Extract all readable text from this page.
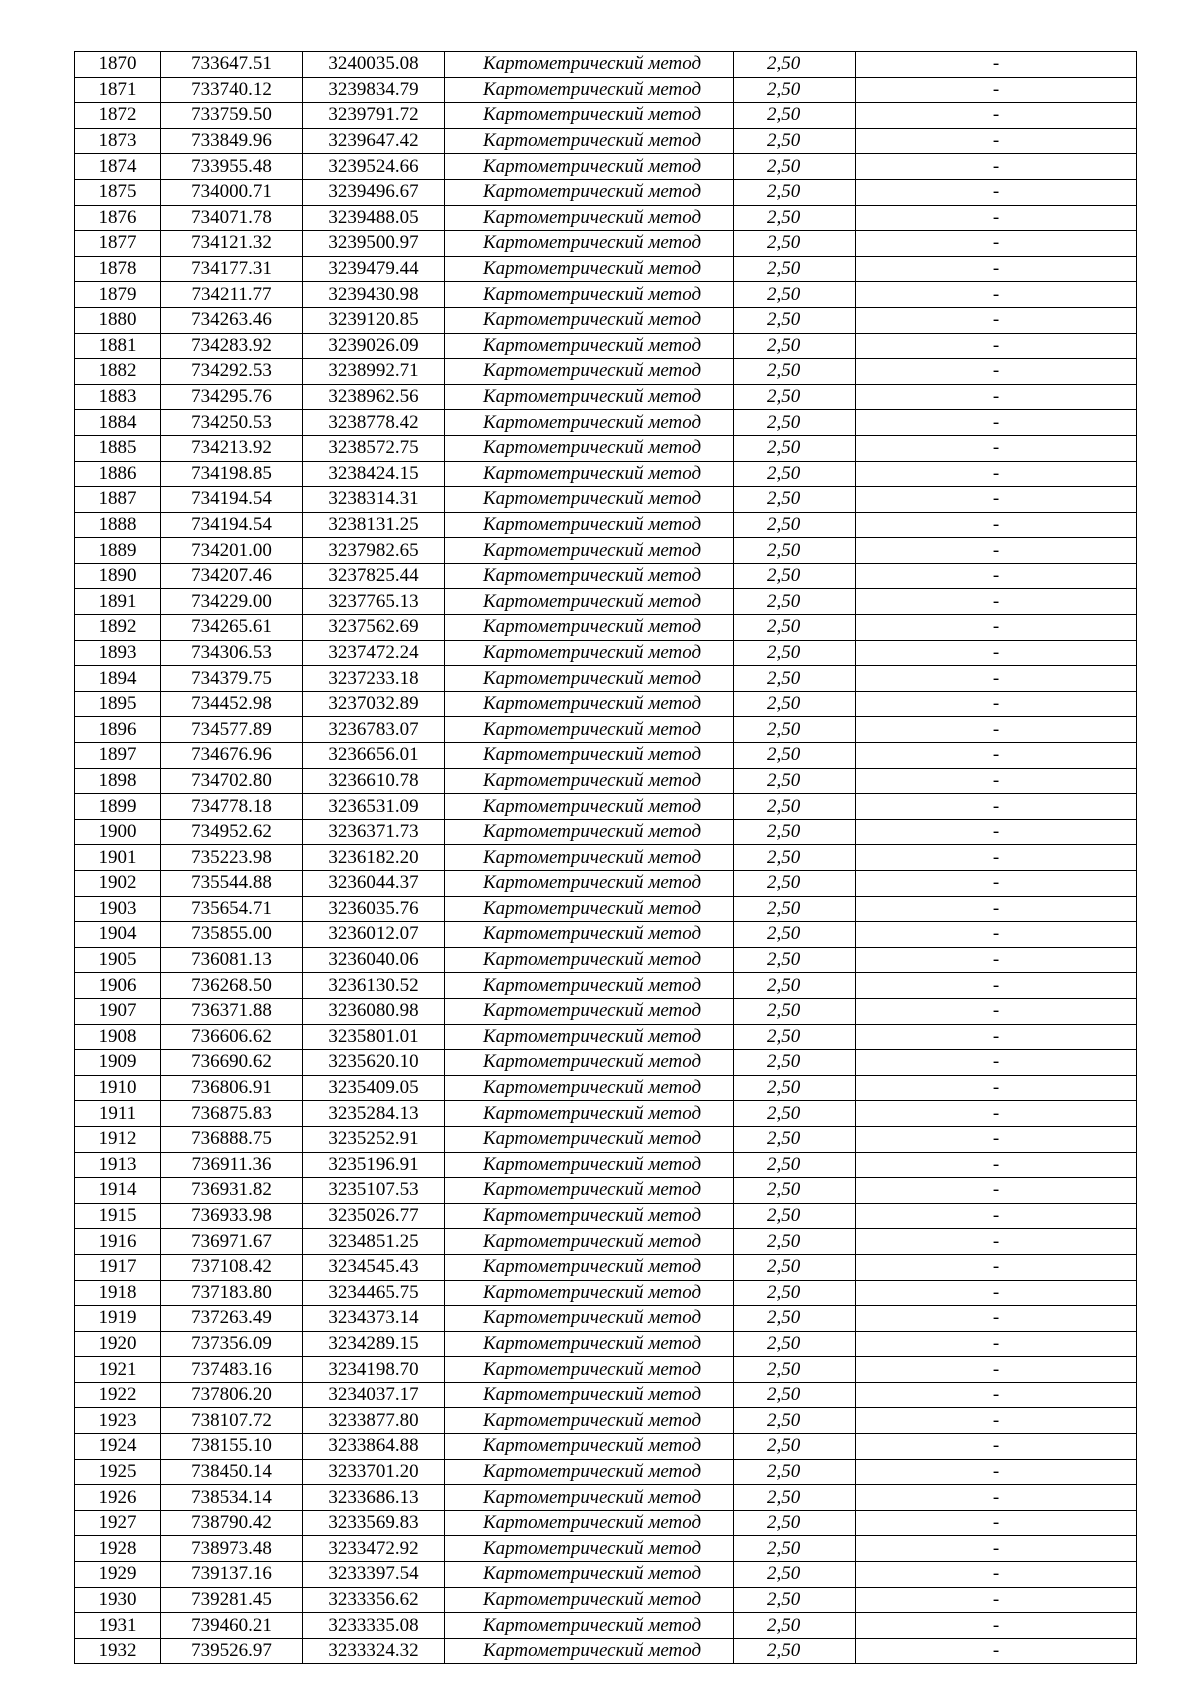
1870	733647.51	3240035.08	Картометрический метод	2,50	-
1871	733740.12	3239834.79	Картометрический метод	2,50	-
1872	733759.50	3239791.72	Картометрический метод	2,50	-
1873	733849.96	3239647.42	Картометрический метод	2,50	-
1874	733955.48	3239524.66	Картометрический метод	2,50	-
1875	734000.71	3239496.67	Картометрический метод	2,50	-
1876	734071.78	3239488.05	Картометрический метод	2,50	-
1877	734121.32	3239500.97	Картометрический метод	2,50	-
1878	734177.31	3239479.44	Картометрический метод	2,50	-
1879	734211.77	3239430.98	Картометрический метод	2,50	-
1880	734263.46	3239120.85	Картометрический метод	2,50	-
1881	734283.92	3239026.09	Картометрический метод	2,50	-
1882	734292.53	3238992.71	Картометрический метод	2,50	-
1883	734295.76	3238962.56	Картометрический метод	2,50	-
1884	734250.53	3238778.42	Картометрический метод	2,50	-
1885	734213.92	3238572.75	Картометрический метод	2,50	-
1886	734198.85	3238424.15	Картометрический метод	2,50	-
1887	734194.54	3238314.31	Картометрический метод	2,50	-
1888	734194.54	3238131.25	Картометрический метод	2,50	-
1889	734201.00	3237982.65	Картометрический метод	2,50	-
1890	734207.46	3237825.44	Картометрический метод	2,50	-
1891	734229.00	3237765.13	Картометрический метод	2,50	-
1892	734265.61	3237562.69	Картометрический метод	2,50	-
1893	734306.53	3237472.24	Картометрический метод	2,50	-
1894	734379.75	3237233.18	Картометрический метод	2,50	-
1895	734452.98	3237032.89	Картометрический метод	2,50	-
1896	734577.89	3236783.07	Картометрический метод	2,50	-
1897	734676.96	3236656.01	Картометрический метод	2,50	-
1898	734702.80	3236610.78	Картометрический метод	2,50	-
1899	734778.18	3236531.09	Картометрический метод	2,50	-
1900	734952.62	3236371.73	Картометрический метод	2,50	-
1901	735223.98	3236182.20	Картометрический метод	2,50	-
1902	735544.88	3236044.37	Картометрический метод	2,50	-
1903	735654.71	3236035.76	Картометрический метод	2,50	-
1904	735855.00	3236012.07	Картометрический метод	2,50	-
1905	736081.13	3236040.06	Картометрический метод	2,50	-
1906	736268.50	3236130.52	Картометрический метод	2,50	-
1907	736371.88	3236080.98	Картометрический метод	2,50	-
1908	736606.62	3235801.01	Картометрический метод	2,50	-
1909	736690.62	3235620.10	Картометрический метод	2,50	-
1910	736806.91	3235409.05	Картометрический метод	2,50	-
1911	736875.83	3235284.13	Картометрический метод	2,50	-
1912	736888.75	3235252.91	Картометрический метод	2,50	-
1913	736911.36	3235196.91	Картометрический метод	2,50	-
1914	736931.82	3235107.53	Картометрический метод	2,50	-
1915	736933.98	3235026.77	Картометрический метод	2,50	-
1916	736971.67	3234851.25	Картометрический метод	2,50	-
1917	737108.42	3234545.43	Картометрический метод	2,50	-
1918	737183.80	3234465.75	Картометрический метод	2,50	-
1919	737263.49	3234373.14	Картометрический метод	2,50	-
1920	737356.09	3234289.15	Картометрический метод	2,50	-
1921	737483.16	3234198.70	Картометрический метод	2,50	-
1922	737806.20	3234037.17	Картометрический метод	2,50	-
1923	738107.72	3233877.80	Картометрический метод	2,50	-
1924	738155.10	3233864.88	Картометрический метод	2,50	-
1925	738450.14	3233701.20	Картометрический метод	2,50	-
1926	738534.14	3233686.13	Картометрический метод	2,50	-
1927	738790.42	3233569.83	Картометрический метод	2,50	-
1928	738973.48	3233472.92	Картометрический метод	2,50	-
1929	739137.16	3233397.54	Картометрический метод	2,50	-
1930	739281.45	3233356.62	Картометрический метод	2,50	-
1931	739460.21	3233335.08	Картометрический метод	2,50	-
1932	739526.97	3233324.32	Картометрический метод	2,50	-
